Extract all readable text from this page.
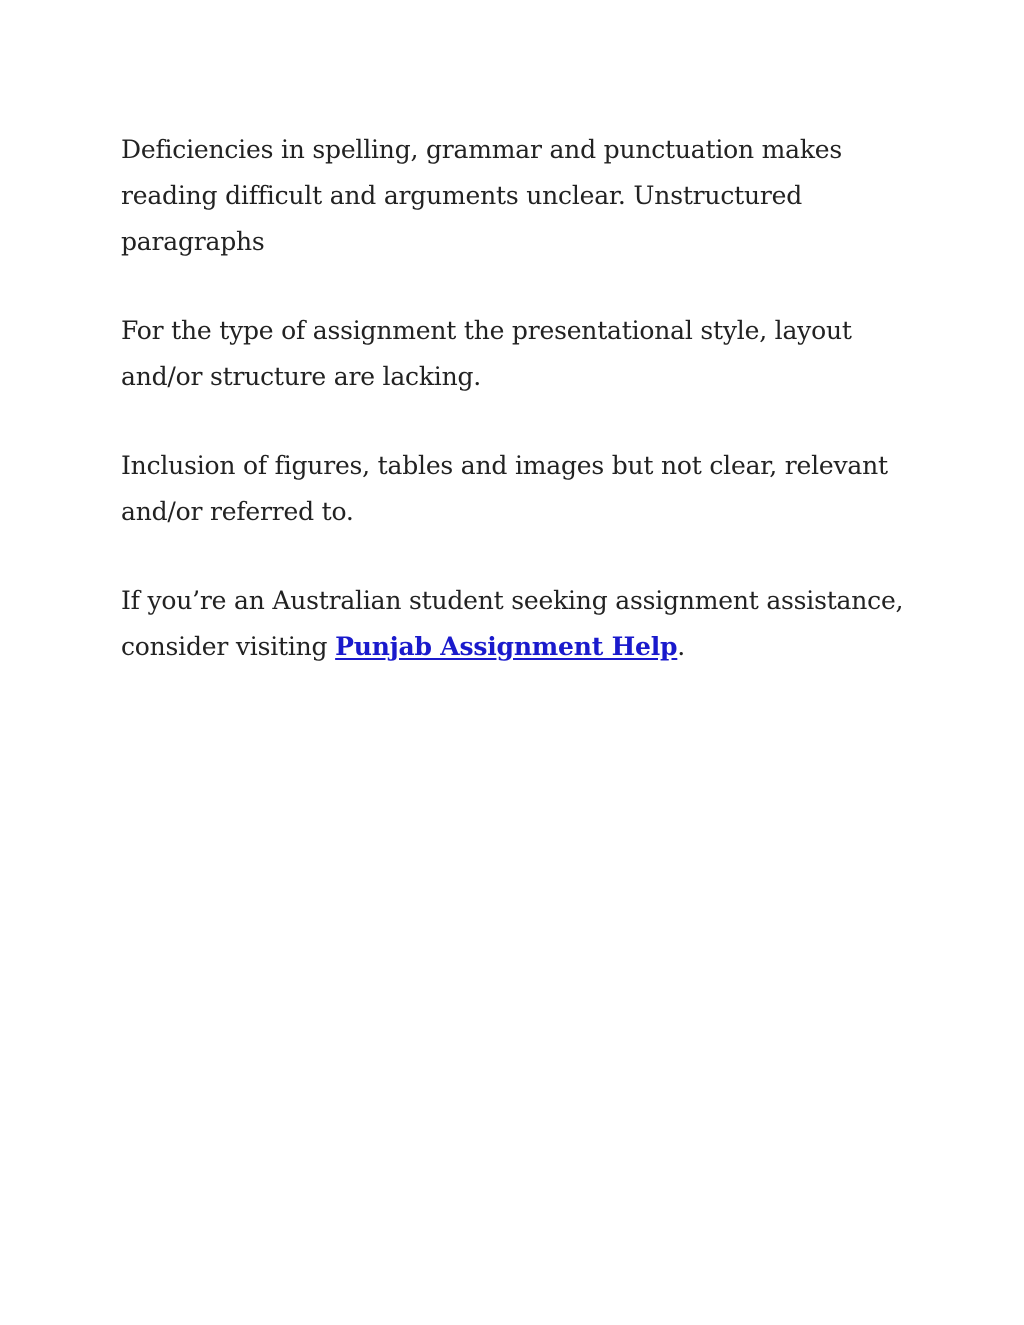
Deficiencies in spelling, grammar and punctuation makes reading difficult and arguments unclear. Unstructured paragraphs

For the type of assignment the presentational style, layout and/or structure are lacking.

Inclusion of figures, tables and images but not clear, relevant and/or referred to.

If you’re an Australian student seeking assignment assistance, consider visiting Punjab Assignment Help.
